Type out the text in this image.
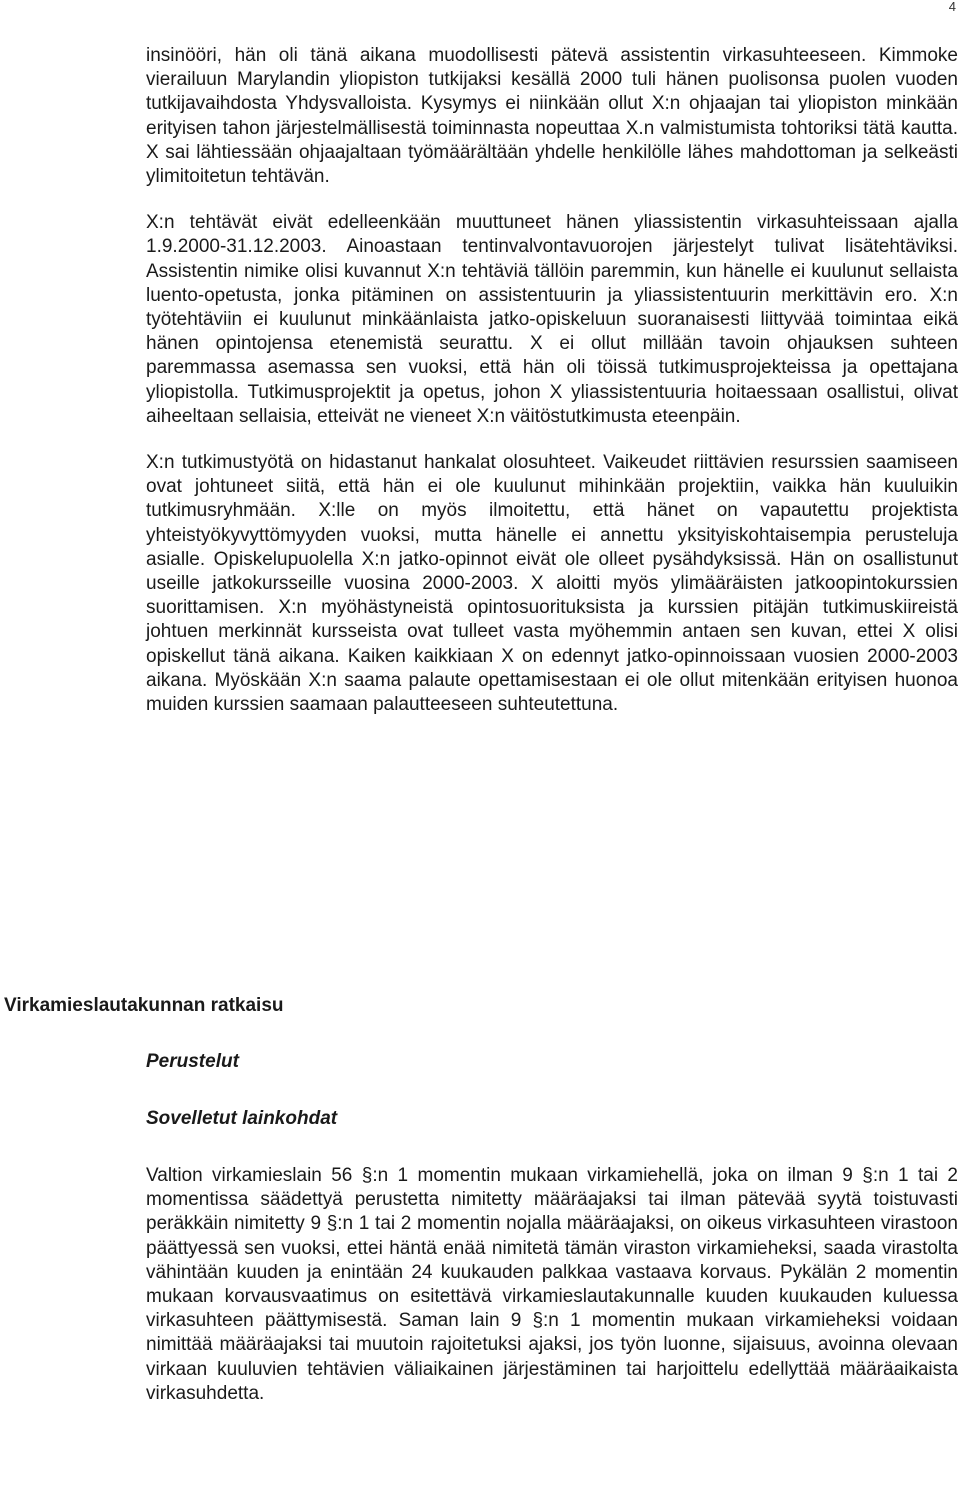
4

insinööri, hän oli tänä aikana muodollisesti pätevä assistentin virkasuhteeseen. Kimmoke vierailuun Marylandin yliopiston tutkijaksi kesällä 2000 tuli hänen puolisonsa puolen vuoden tutkijavaihdosta Yhdysvalloista. Kysymys ei niinkään ollut X:n ohjaajan tai yliopiston minkään erityisen tahon järjestelmällisestä toiminnasta nopeuttaa X.n valmistumista tohtoriksi tätä kautta. X sai lähtiessään ohjaajaltaan työmäärältään yhdelle henkilölle lähes mahdottoman ja selkeästi ylimitoitetun tehtävän.

X:n tehtävät eivät edelleenkään muuttuneet hänen yliassistentin virkasuhteissaan ajalla 1.9.2000-31.12.2003. Ainoastaan tentinvalvontavuorojen järjestelyt tulivat lisätehtäviksi. Assistentin nimike olisi kuvannut X:n tehtäviä tällöin paremmin, kun hänelle ei kuulunut sellaista luento-opetusta, jonka pitäminen on assistentuurin ja yliassistentuurin merkittävin ero. X:n työtehtäviin ei kuulunut minkäänlaista jatko-opiskeluun suoranaisesti liittyvää toimintaa eikä hänen opintojensa etenemistä seurattu. X ei ollut millään tavoin ohjauksen suhteen paremmassa asemassa sen vuoksi, että hän oli töissä tutkimusprojekteissa ja opettajana yliopistolla. Tutkimusprojektit ja opetus, johon X yliassistentuuria hoitaessaan osallistui, olivat aiheeltaan sellaisia, etteivät ne vieneet X:n väitöstutkimusta eteenpäin.

X:n tutkimustyötä on hidastanut hankalat olosuhteet. Vaikeudet riittävien resurssien saamiseen ovat johtuneet siitä, että hän ei ole kuulunut mihinkään projektiin, vaikka hän kuuluikin tutkimusryhmään. X:lle on myös ilmoitettu, että hänet on vapautettu projektista yhteistyökyvyttömyyden vuoksi, mutta hänelle ei annettu yksityiskohtaisempia perusteluja asialle. Opiskelupuolella X:n jatko-opinnot eivät ole olleet pysähdyksissä. Hän on osallistunut useille jatkokursseille vuosina 2000-2003. X aloitti myös ylimääräisten jatkoopintokurssien suorittamisen. X:n myöhästyneistä opintosuorituksista ja kurssien pitäjän tutkimuskiireistä johtuen merkinnät kursseista ovat tulleet vasta myöhemmin antaen sen kuvan, ettei X olisi opiskellut tänä aikana. Kaiken kaikkiaan X on edennyt jatko-opinnoissaan vuosien 2000-2003 aikana. Myöskään X:n saama palaute opettamisestaan ei ole ollut mitenkään erityisen huonoa muiden kurssien saamaan palautteeseen suhteutettuna.

Virkamieslautakunnan ratkaisu
Perustelut
Sovelletut lainkohdat

Valtion virkamieslain 56 §:n 1 momentin mukaan virkamiehellä, joka on ilman 9 §:n 1 tai 2 momentissa säädettyä perustetta nimitetty määräajaksi tai ilman pätevää syytä toistuvasti peräkkäin nimitetty 9 §:n 1 tai 2 momentin nojalla määräajaksi, on oikeus virkasuhteen virastoon päättyessä sen vuoksi, ettei häntä enää nimitetä tämän viraston virkamieheksi, saada virastolta vähintään kuuden ja enintään 24 kuukauden palkkaa vastaava korvaus. Pykälän 2 momentin mukaan korvausvaatimus on esitettävä virkamieslautakunnalle kuuden kuukauden kuluessa virkasuhteen päättymisestä. Saman lain 9 §:n 1 momentin mukaan virkamieheksi voidaan nimittää määräajaksi tai muutoin rajoitetuksi ajaksi, jos työn luonne, sijaisuus, avoinna olevaan virkaan kuuluvien tehtävien väliaikainen järjestäminen tai harjoittelu edellyttää määräaikaista virkasuhdetta.
